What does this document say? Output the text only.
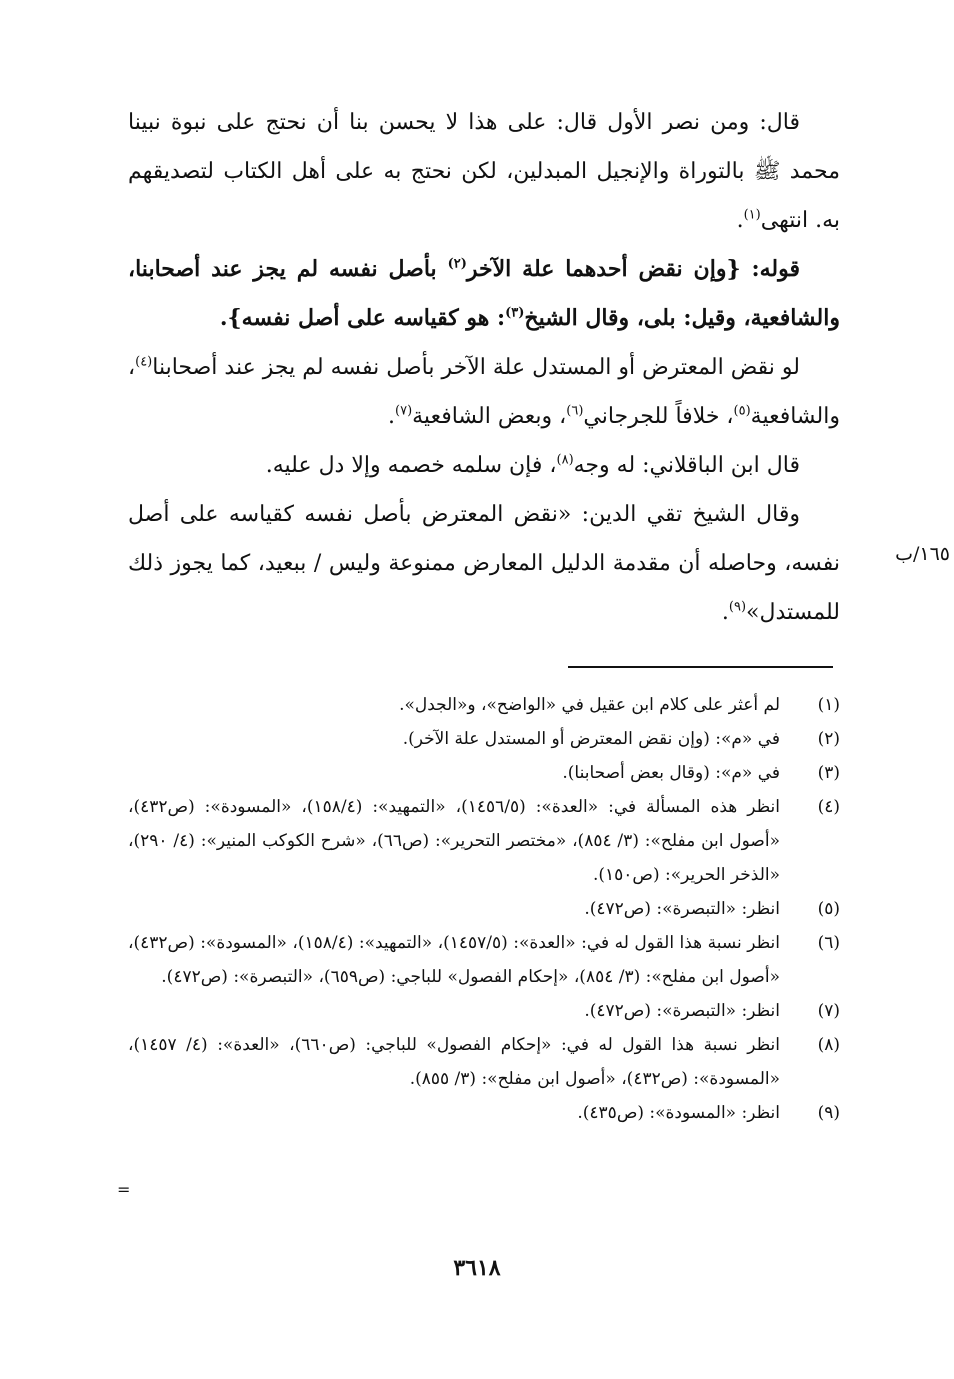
قال: ومن نصر الأول قال: على هذا لا يحسن بنا أن نحتج على نبوة نبينا محمد ﷺ بالتوراة والإنجيل المبدلين، لكن نحتج به على أهل الكتاب لتصديقهم به. انتهى$^{(١)}$.

قوله: {وإن نقض أحدهما علة الآخر$^{(٢)}$ بأصل نفسه لم يجز عند أصحابنا، والشافعية، وقيل: بلى، وقال الشيخ$^{(٣)}$: هو كقياسه على أصل نفسه}.

لو نقض المعترض أو المستدل علة الآخر بأصل نفسه لم يجز عند أصحابنا$^{(٤)}$، والشافعية$^{(٥)}$، خلافاً للجرجاني$^{(٦)}$، وبعض الشافعية$^{(٧)}$.

قال ابن الباقلاني: له وجه$^{(٨)}$، فإن سلمه خصمه وإلا دل عليه.

وقال الشيخ تقي الدين: «نقض المعترض بأصل نفسه كقياسه على أصل نفسه، وحاصله أن مقدمة الدليل المعارض ممنوعة وليس / ببعيد، كما يجوز ذلك للمستدل»$^{(٩)}$.

١٦٥/ب
(١)
لم أعثر على كلام ابن عقيل في «الواضح»، و«الجدل».
(٢)
في «م»: (وإن نقض المعترض أو المستدل علة الآخر).
(٣)
في «م»: (وقال بعض أصحابنا).
(٤)
انظر هذه المسألة في: «العدة»: (١٤٥٦/٥)، «التمهيد»: (١٥٨/٤)، «المسودة»: (ص٤٣٢)، «أصول ابن مفلح»: (٣/ ٨٥٤)، «مختصر التحرير»: (ص٦٦)، «شرح الكوكب المنير»: (٤/ ٢٩٠)، «الذخر الحرير»: (ص١٥٠).
(٥)
انظر: «التبصرة»: (ص٤٧٢).
(٦)
انظر نسبة هذا القول له في: «العدة»: (١٤٥٧/٥)، «التمهيد»: (١٥٨/٤)، «المسودة»: (ص٤٣٢)، «أصول ابن مفلح»: (٣/ ٨٥٤)، «إحكام الفصول» للباجي: (ص٦٥٩)، «التبصرة»: (ص٤٧٢).
(٧)
انظر: «التبصرة»: (ص٤٧٢).
(٨)
انظر نسبة هذا القول له في: «إحكام الفصول» للباجي: (ص٦٦٠)، «العدة»: (٤/ ١٤٥٧)، «المسودة»: (ص٤٣٢)، «أصول ابن مفلح»: (٣/ ٨٥٥).
(٩)
انظر: «المسودة»: (ص٤٣٥).
=
٣٦١٨
